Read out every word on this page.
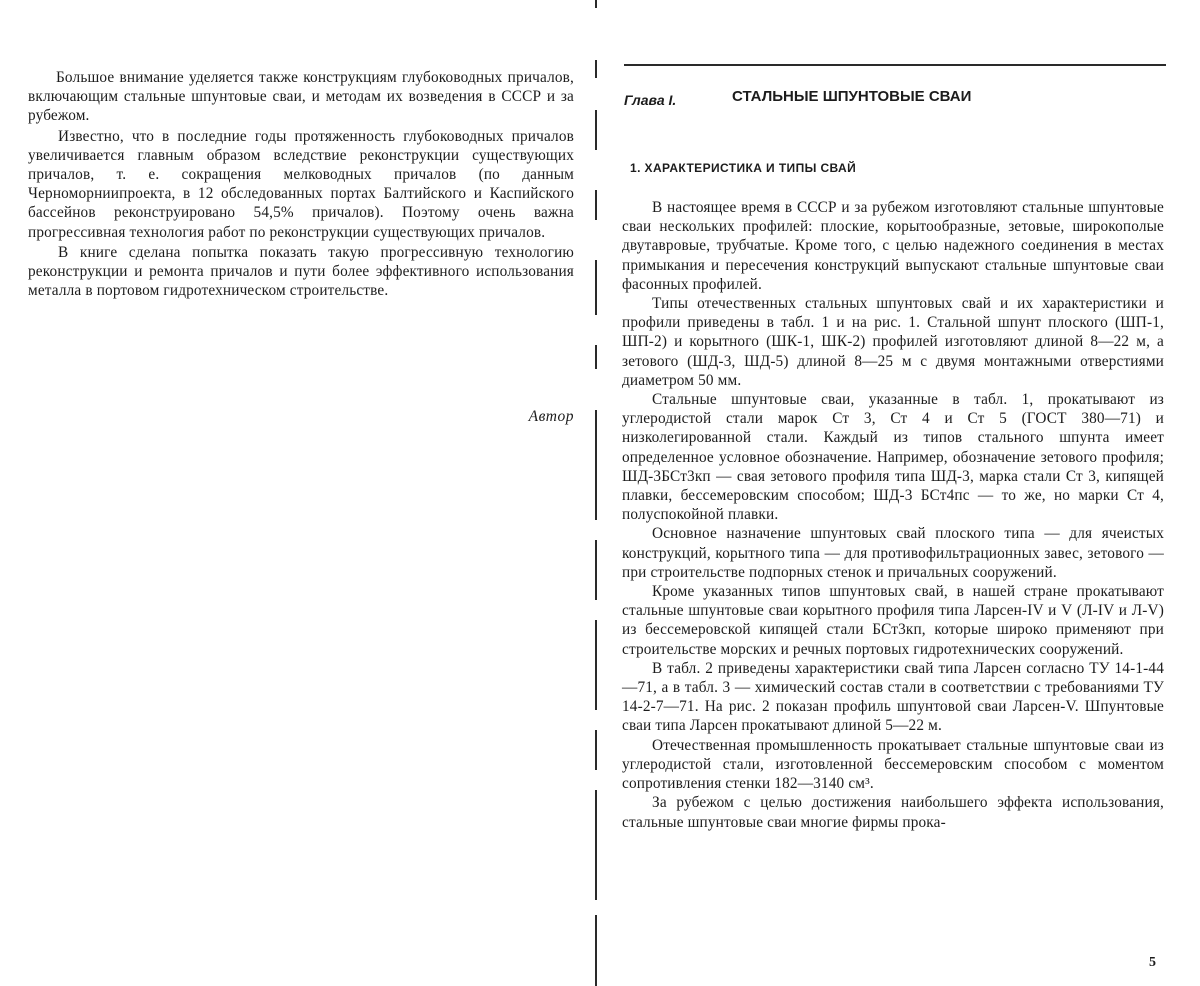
Большое внимание уделяется также конструкциям глубоководных причалов, включающим стальные шпунтовые сваи, и методам их возведения в СССР и за рубежом.

Известно, что в последние годы протяженность глубоководных причалов увеличивается главным образом вследствие реконструкции существующих причалов, т. е. сокращения мелководных причалов (по данным Черноморниипроекта, в 12 обследованных портах Балтийского и Каспийского бассейнов реконструировано 54,5% причалов). Поэтому очень важна прогрессивная технология работ по реконструкции существующих причалов.

В книге сделана попытка показать такую прогрессивную технологию реконструкции и ремонта причалов и пути более эффективного использования металла в портовом гидротехническом строительстве.

Автор
Глава I.	СТАЛЬНЫЕ ШПУНТОВЫЕ СВАИ
1. ХАРАКТЕРИСТИКА И ТИПЫ СВАЙ

В настоящее время в СССР и за рубежом изготовляют стальные шпунтовые сваи нескольких профилей: плоские, корытообразные, зетовые, широкополые двутавровые, трубчатые. Кроме того, с целью надежного соединения в местах примыкания и пересечения конструкций выпускают стальные шпунтовые сваи фасонных профилей.

Типы отечественных стальных шпунтовых свай и их характеристики и профили приведены в табл. 1 и на рис. 1. Стальной шпунт плоского (ШП-1, ШП-2) и корытного (ШК-1, ШК-2) профилей изготовляют длиной 8—22 м, а зетового (ШД-3, ШД-5) длиной 8—25 м с двумя монтажными отверстиями диаметром 50 мм.

Стальные шпунтовые сваи, указанные в табл. 1, прокатывают из углеродистой стали марок Ст 3, Ст 4 и Ст 5 (ГОСТ 380—71) и низколегированной стали. Каждый из типов стального шпунта имеет определенное условное обозначение. Например, обозначение зетового профиля; ШД-3БСт3кп — свая зетового профиля типа ШД-3, марка стали Ст 3, кипящей плавки, бессемеровским способом; ШД-3 БСт4пс — то же, но марки Ст 4, полуспокойной плавки.

Основное назначение шпунтовых свай плоского типа — для ячеистых конструкций, корытного типа — для противофильтрационных завес, зетового — при строительстве подпорных стенок и причальных сооружений.

Кроме указанных типов шпунтовых свай, в нашей стране прокатывают стальные шпунтовые сваи корытного профиля типа Ларсен-IV и V (Л-IV и Л-V) из бессемеровской кипящей стали БСт3кп, которые широко применяют при строительстве морских и речных портовых гидротехнических сооружений.

В табл. 2 приведены характеристики свай типа Ларсен согласно ТУ 14-1-44—71, а в табл. 3 — химический состав стали в соответствии с требованиями ТУ 14-2-7—71. На рис. 2 показан профиль шпунтовой сваи Ларсен-V. Шпунтовые сваи типа Ларсен прокатывают длиной 5—22 м.

Отечественная промышленность прокатывает стальные шпунтовые сваи из углеродистой стали, изготовленной бессемеровским способом с моментом сопротивления стенки 182—3140 см³.

За рубежом с целью достижения наибольшего эффекта использования, стальные шпунтовые сваи многие фирмы прока-

5
